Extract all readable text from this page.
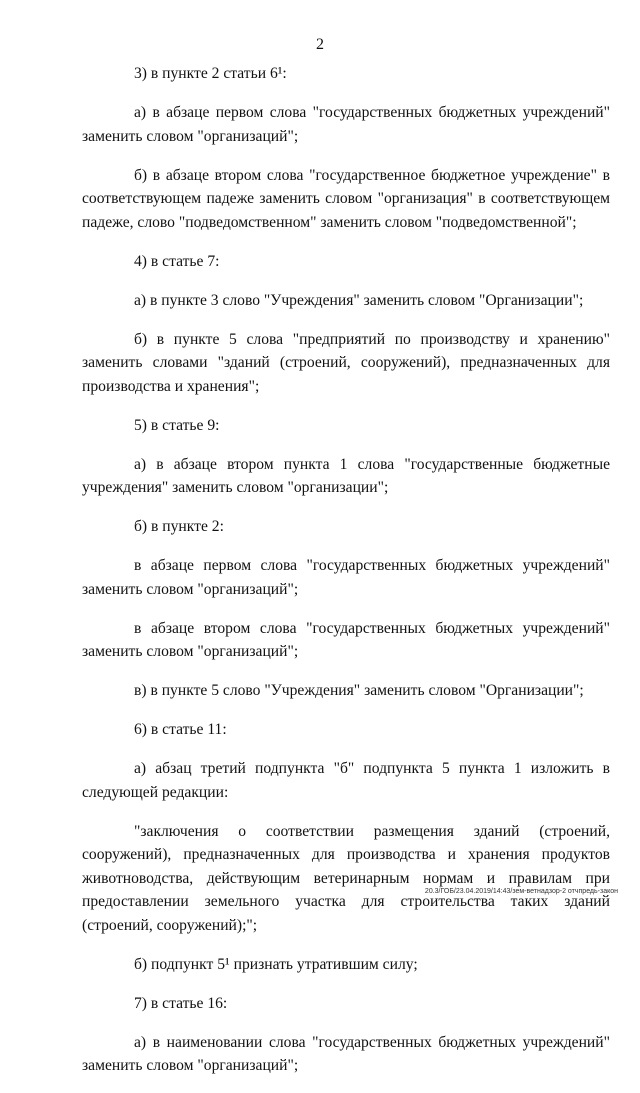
2

3) в пункте 2 статьи 6¹:

а) в абзаце первом слова "государственных бюджетных учреждений" заменить словом "организаций";

б) в абзаце втором слова "государственное бюджетное учреждение" в соответствующем падеже заменить словом "организация" в соответствующем падеже, слово "подведомственном" заменить словом "подведомственной";

4) в статье 7:

а) в пункте 3 слово "Учреждения" заменить словом "Организации";

б) в пункте 5 слова "предприятий по производству и хранению" заменить словами "зданий (строений, сооружений), предназначенных для производства и хранения";

5) в статье 9:

а) в абзаце втором пункта 1 слова "государственные бюджетные учреждения" заменить словом "организации";

б) в пункте 2:

в абзаце первом слова "государственных бюджетных учреждений" заменить словом "организаций";

в абзаце втором слова "государственных бюджетных учреждений" заменить словом "организаций";

в) в пункте 5 слово "Учреждения" заменить словом "Организации";

6) в статье 11:

а) абзац третий подпункта "б" подпункта 5 пункта 1 изложить в следующей редакции:

"заключения о соответствии размещения зданий (строений, сооружений), предназначенных для производства и хранения продуктов животноводства, действующим ветеринарным нормам и правилам при предоставлении земельного участка для строительства таких зданий (строений, сооружений);";

б) подпункт 5¹ признать утратившим силу;

7) в статье 16:

а) в наименовании слова "государственных бюджетных учреждений" заменить словом "организаций";

20.3/ГОБ/23.04.2019/14:43/зем-ветнадзор-2 отчпредь-закон
